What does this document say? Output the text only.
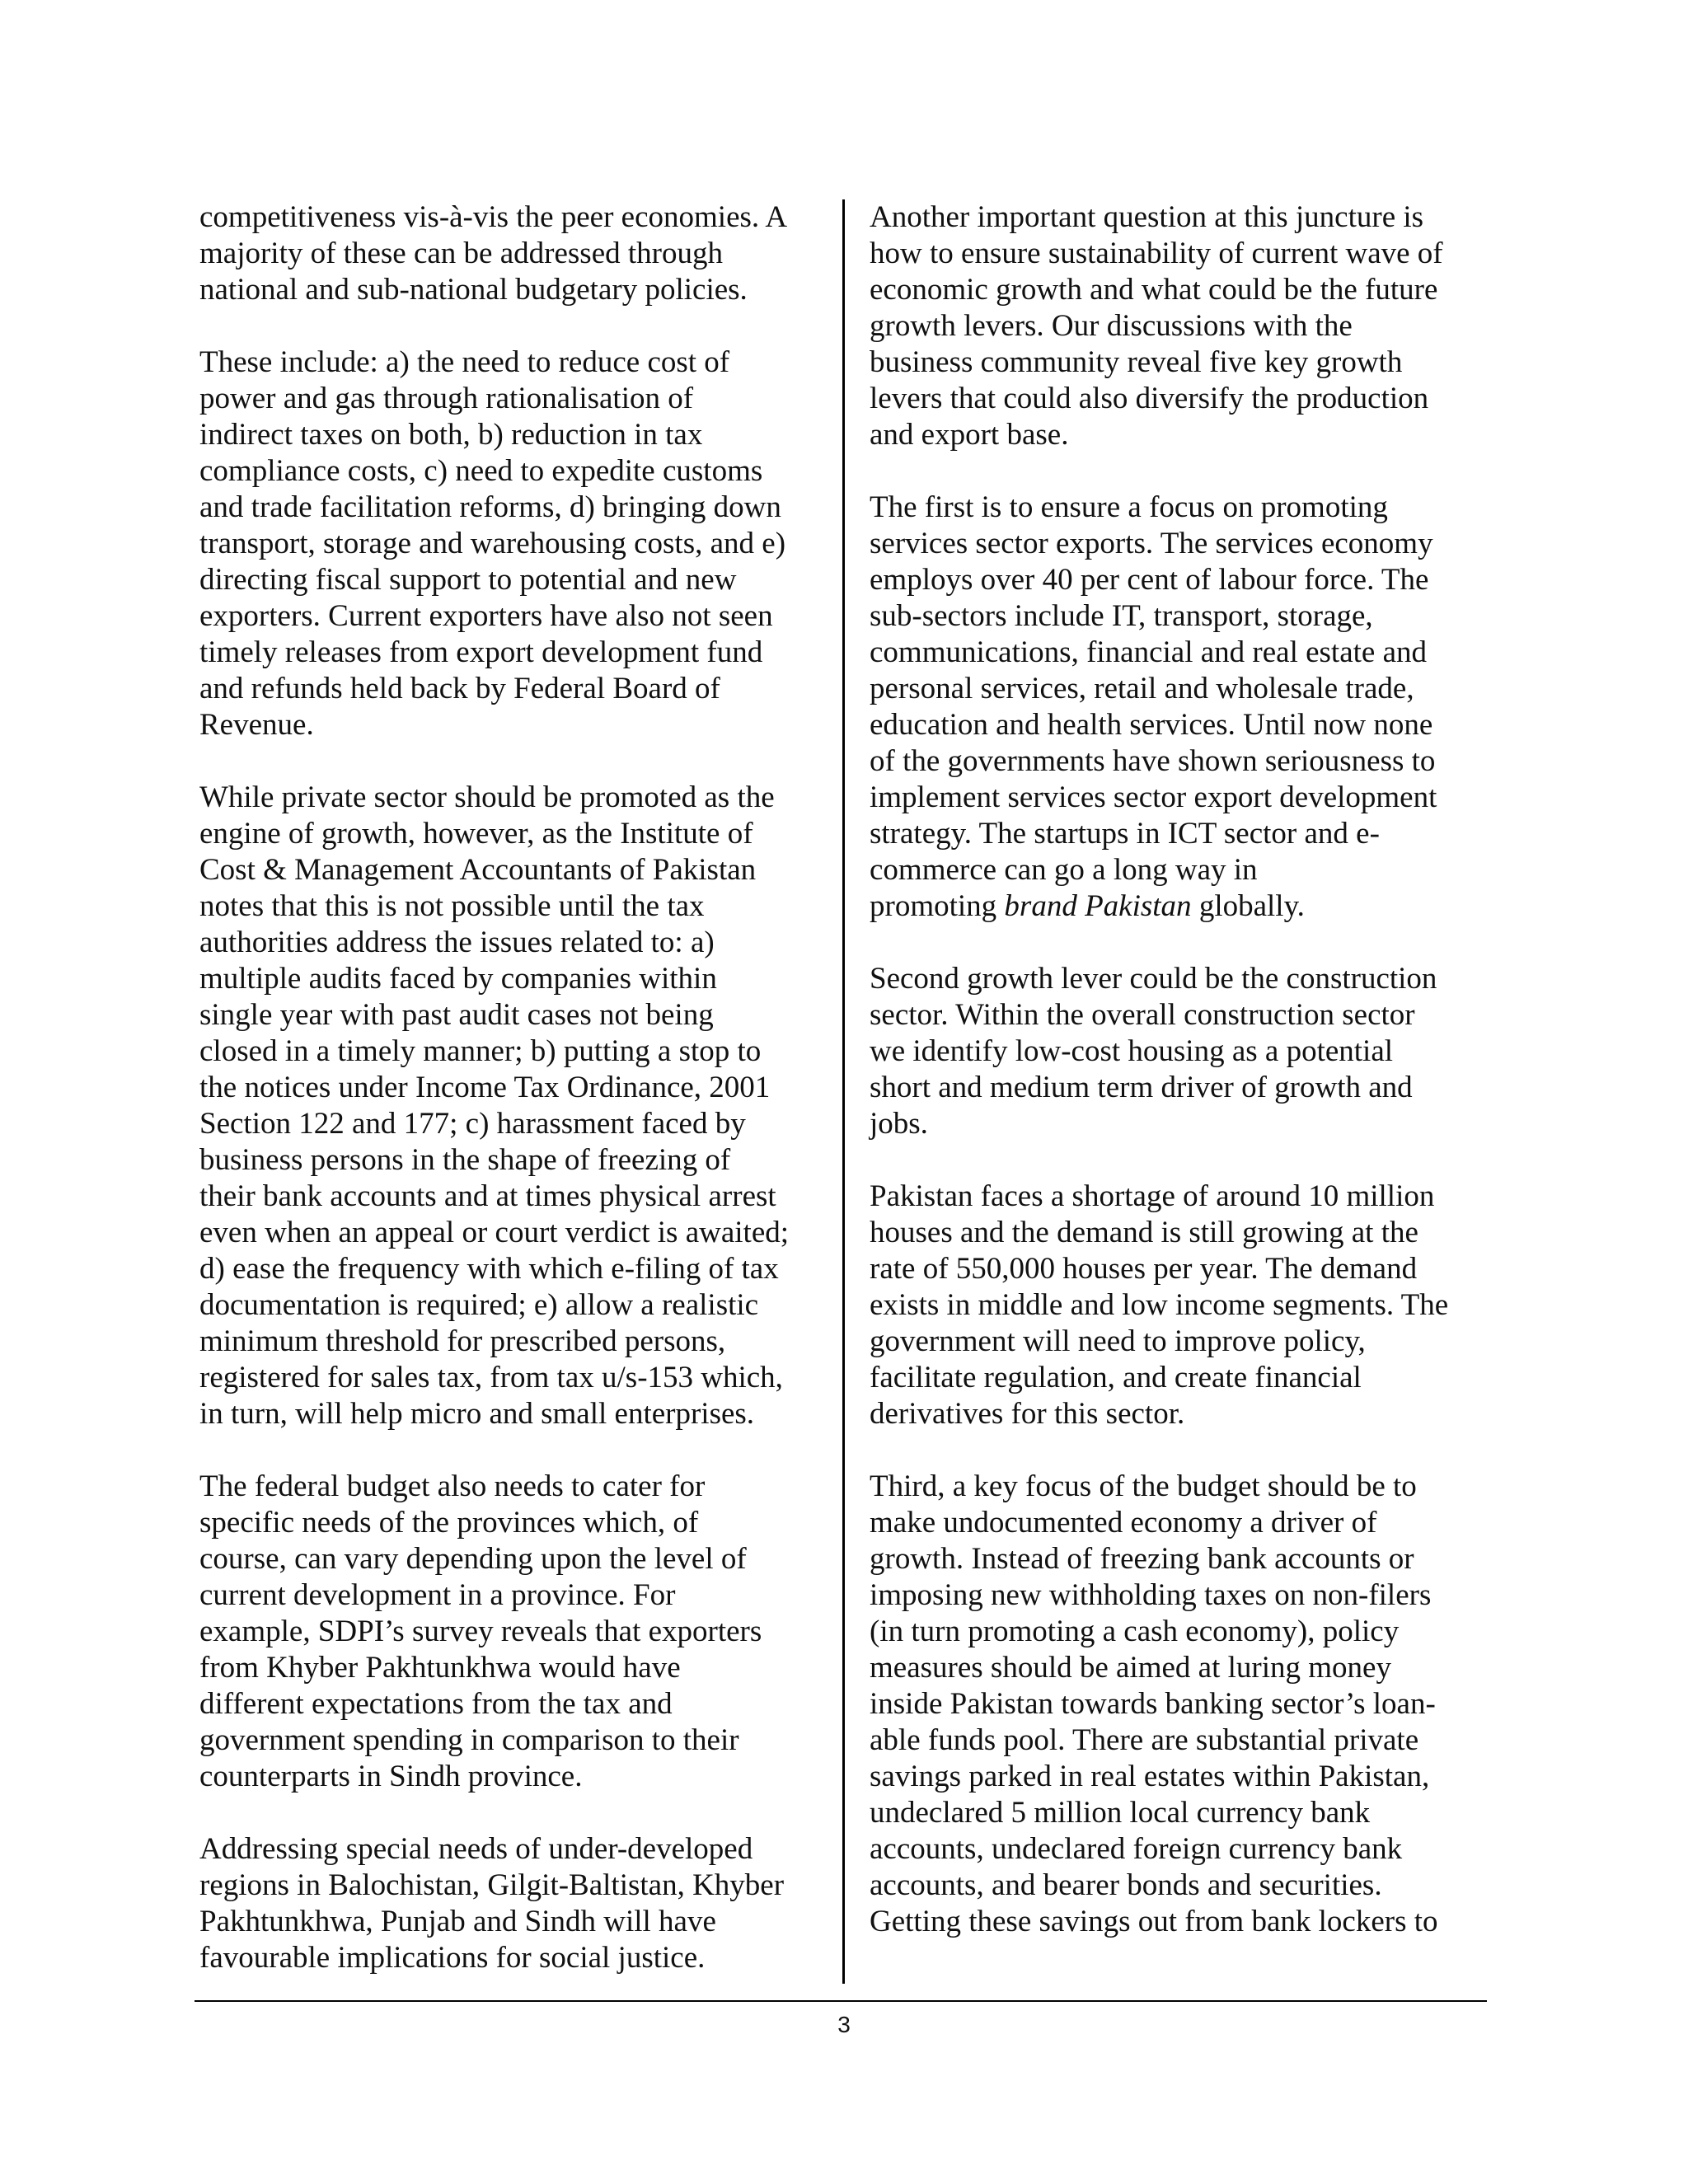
competitiveness vis-à-vis the peer economies. A
majority of these can be addressed through
national and sub-national budgetary policies.

These include: a) the need to reduce cost of
power and gas through rationalisation of
indirect taxes on both, b) reduction in tax
compliance costs, c) need to expedite customs
and trade facilitation reforms, d) bringing down
transport, storage and warehousing costs, and e)
directing fiscal support to potential and new
exporters. Current exporters have also not seen
timely releases from export development fund
and refunds held back by Federal Board of
Revenue.

While private sector should be promoted as the
engine of growth, however, as the Institute of
Cost & Management Accountants of Pakistan
notes that this is not possible until the tax
authorities address the issues related to: a)
multiple audits faced by companies within
single year with past audit cases not being
closed in a timely manner; b) putting a stop to
the notices under Income Tax Ordinance, 2001
Section 122 and 177; c) harassment faced by
business persons in the shape of freezing of
their bank accounts and at times physical arrest
even when an appeal or court verdict is awaited;
d) ease the frequency with which e-filing of tax
documentation is required; e) allow a realistic
minimum threshold for prescribed persons,
registered for sales tax, from tax u/s-153 which,
in turn, will help micro and small enterprises.

The federal budget also needs to cater for
specific needs of the provinces which, of
course, can vary depending upon the level of
current development in a province. For
example, SDPI’s survey reveals that exporters
from Khyber Pakhtunkhwa would have
different expectations from the tax and
government spending in comparison to their
counterparts in Sindh province.

Addressing special needs of under-developed
regions in Balochistan, Gilgit-Baltistan, Khyber
Pakhtunkhwa, Punjab and Sindh will have
favourable implications for social justice.

Another important question at this juncture is
how to ensure sustainability of current wave of
economic growth and what could be the future
growth levers. Our discussions with the
business community reveal five key growth
levers that could also diversify the production
and export base.

The first is to ensure a focus on promoting
services sector exports. The services economy
employs over 40 per cent of labour force. The
sub-sectors include IT, transport, storage,
communications, financial and real estate and
personal services, retail and wholesale trade,
education and health services. Until now none
of the governments have shown seriousness to
implement services sector export development
strategy. The startups in ICT sector and e-
commerce can go a long way in
promoting brand Pakistan globally.

Second growth lever could be the construction
sector. Within the overall construction sector
we identify low-cost housing as a potential
short and medium term driver of growth and
jobs.

Pakistan faces a shortage of around 10 million
houses and the demand is still growing at the
rate of 550,000 houses per year. The demand
exists in middle and low income segments. The
government will need to improve policy,
facilitate regulation, and create financial
derivatives for this sector.

Third, a key focus of the budget should be to
make undocumented economy a driver of
growth. Instead of freezing bank accounts or
imposing new withholding taxes on non-filers
(in turn promoting a cash economy), policy
measures should be aimed at luring money
inside Pakistan towards banking sector’s loan-
able funds pool. There are substantial private
savings parked in real estates within Pakistan,
undeclared 5 million local currency bank
accounts, undeclared foreign currency bank
accounts, and bearer bonds and securities.
Getting these savings out from bank lockers to

3
